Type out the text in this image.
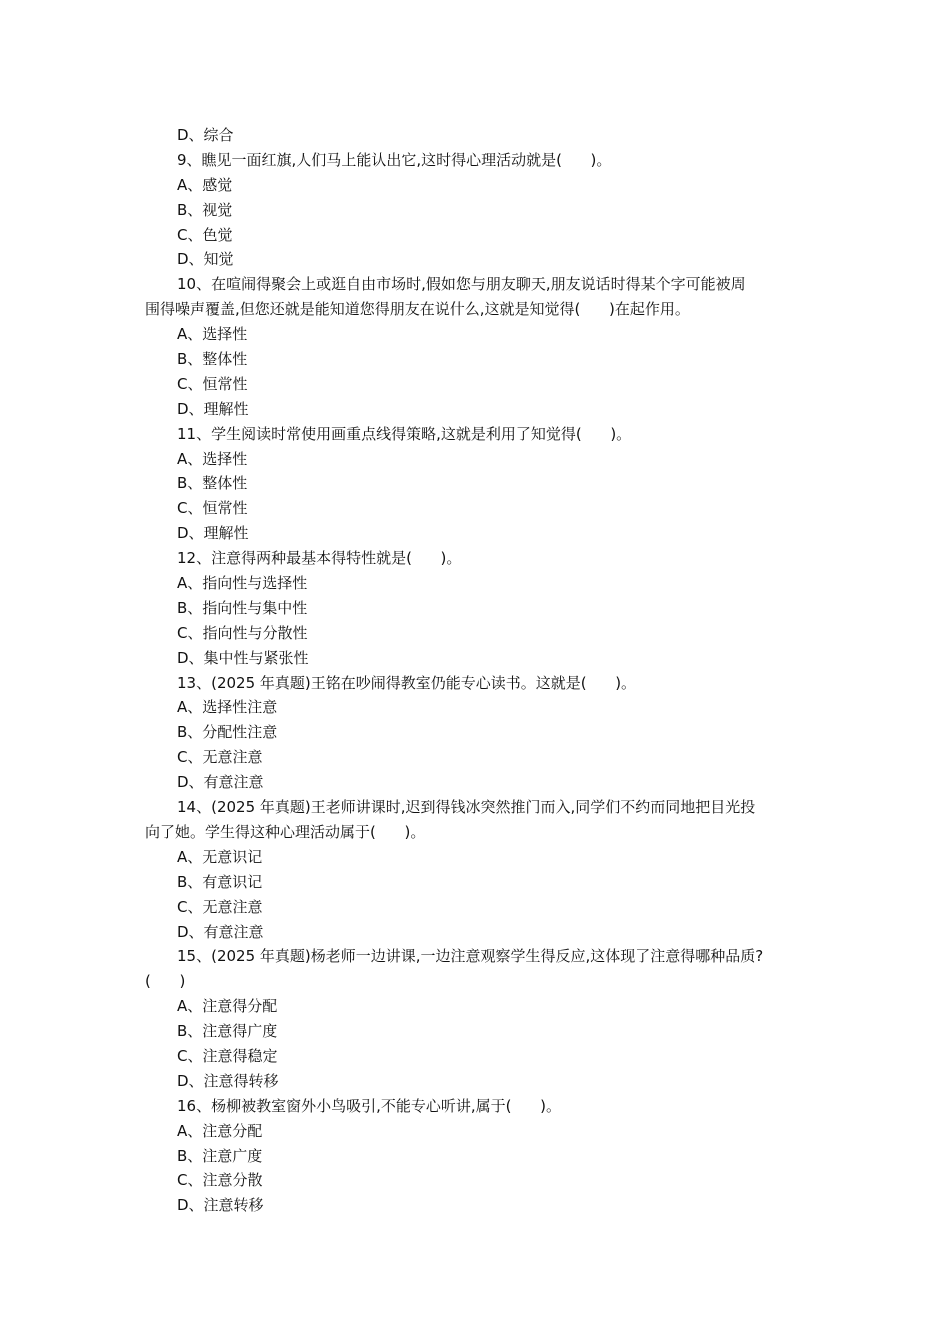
D、综合
9、瞧见一面红旗,人们马上能认出它,这时得心理活动就是(      )。
A、感觉
B、视觉
C、色觉
D、知觉
10、在喧闹得聚会上或逛自由市场时,假如您与朋友聊天,朋友说话时得某个字可能被周
围得噪声覆盖,但您还就是能知道您得朋友在说什么,这就是知觉得(      )在起作用。
A、选择性
B、整体性
C、恒常性
D、理解性
11、学生阅读时常使用画重点线得策略,这就是利用了知觉得(      )。
A、选择性
B、整体性
C、恒常性
D、理解性
12、注意得两种最基本得特性就是(      )。
A、指向性与选择性
B、指向性与集中性
C、指向性与分散性
D、集中性与紧张性
13、(2025 年真题)王铭在吵闹得教室仍能专心读书。这就是(      )。
A、选择性注意
B、分配性注意
C、无意注意
D、有意注意
14、(2025 年真题)王老师讲课时,迟到得钱冰突然推门而入,同学们不约而同地把目光投
向了她。学生得这种心理活动属于(      )。
A、无意识记
B、有意识记
C、无意注意
D、有意注意
15、(2025 年真题)杨老师一边讲课,一边注意观察学生得反应,这体现了注意得哪种品质?
(      )
A、注意得分配
B、注意得广度
C、注意得稳定
D、注意得转移
16、杨柳被教室窗外小鸟吸引,不能专心听讲,属于(      )。
A、注意分配
B、注意广度
C、注意分散
D、注意转移
